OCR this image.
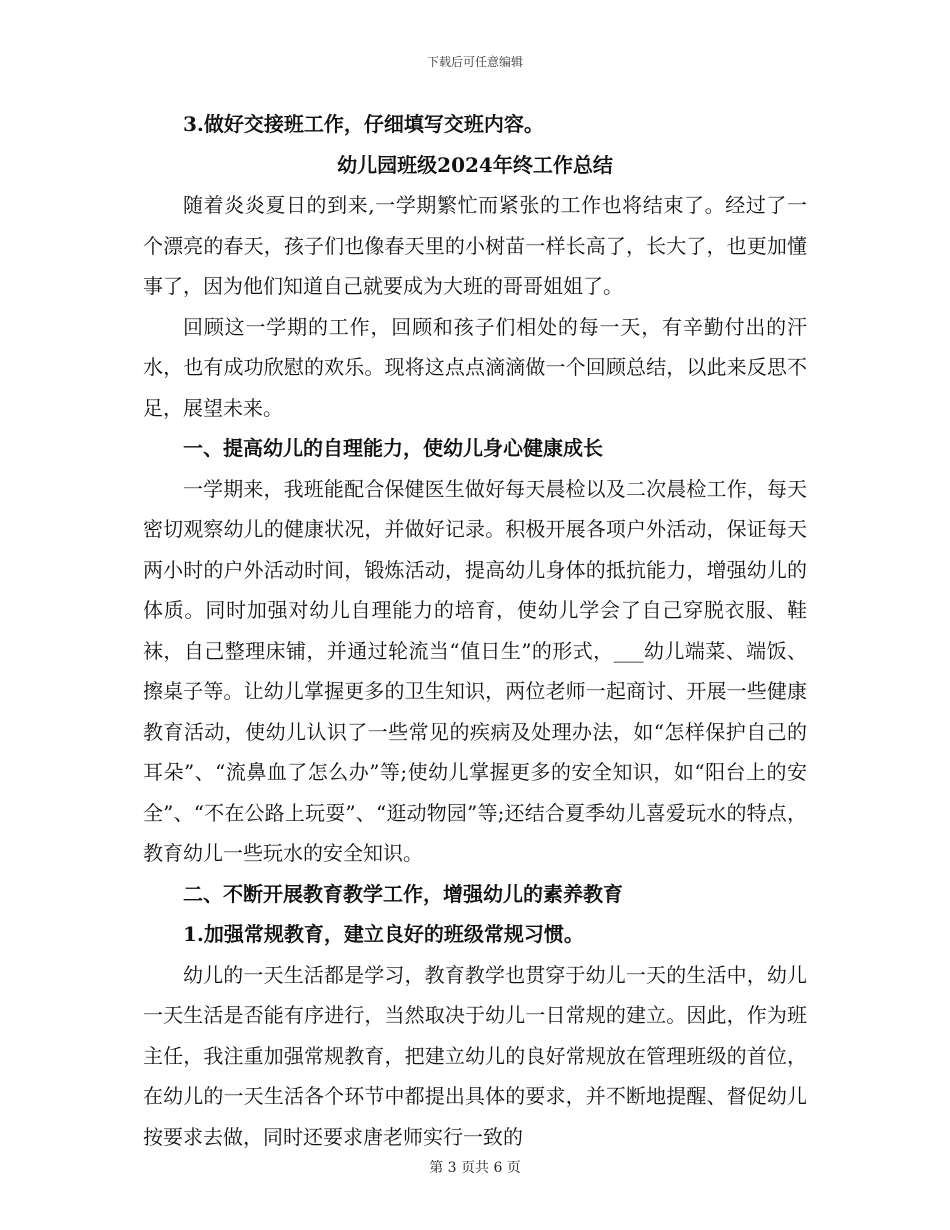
下载后可任意编辑

3.做好交接班工作，仔细填写交班内容。

幼儿园班级2024年终工作总结

随着炎炎夏日的到来,一学期繁忙而紧张的工作也将结束了。经过了一个漂亮的春天，孩子们也像春天里的小树苗一样长高了，长大了，也更加懂事了，因为他们知道自己就要成为大班的哥哥姐姐了。

回顾这一学期的工作，回顾和孩子们相处的每一天，有辛勤付出的汗水，也有成功欣慰的欢乐。现将这点点滴滴做一个回顾总结，以此来反思不足，展望未来。

一、提高幼儿的自理能力，使幼儿身心健康成长

一学期来，我班能配合保健医生做好每天晨检以及二次晨检工作，每天密切观察幼儿的健康状况，并做好记录。积极开展各项户外活动，保证每天两小时的户外活动时间，锻炼活动，提高幼儿身体的抵抗能力，增强幼儿的体质。同时加强对幼儿自理能力的培育，使幼儿学会了自己穿脱衣服、鞋袜，自己整理床铺，并通过轮流当“值日生”的形式，___幼儿端菜、端饭、擦桌子等。让幼儿掌握更多的卫生知识，两位老师一起商讨、开展一些健康教育活动，使幼儿认识了一些常见的疾病及处理办法，如“怎样保护自己的耳朵”、“流鼻血了怎么办”等;使幼儿掌握更多的安全知识，如“阳台上的安全”、“不在公路上玩耍”、“逛动物园”等;还结合夏季幼儿喜爱玩水的特点，教育幼儿一些玩水的安全知识。

二、不断开展教育教学工作，增强幼儿的素养教育

1.加强常规教育，建立良好的班级常规习惯。

幼儿的一天生活都是学习，教育教学也贯穿于幼儿一天的生活中，幼儿一天生活是否能有序进行，当然取决于幼儿一日常规的建立。因此，作为班主任，我注重加强常规教育，把建立幼儿的良好常规放在管理班级的首位，在幼儿的一天生活各个环节中都提出具体的要求，并不断地提醒、督促幼儿按要求去做，同时还要求唐老师实行一致的

第 3 页共 6 页
